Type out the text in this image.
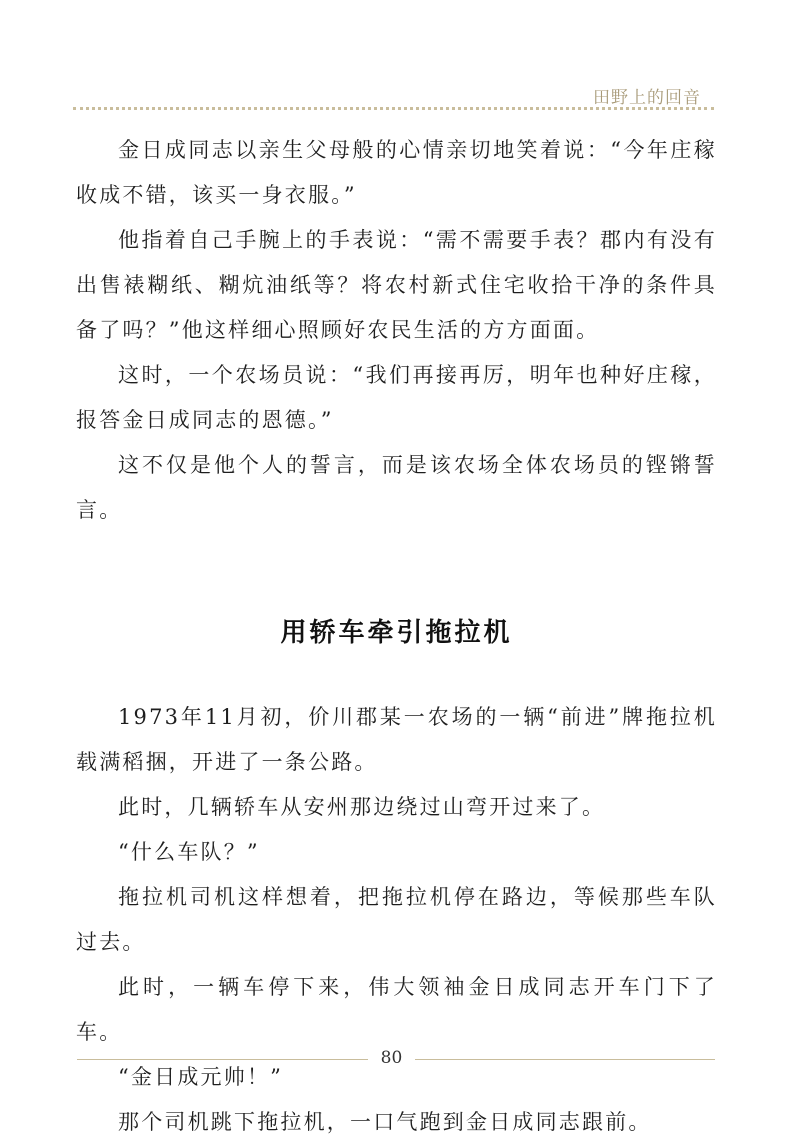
田野上的回音

金日成同志以亲生父母般的心情亲切地笑着说：“今年庄稼收成不错，该买一身衣服。”

他指着自己手腕上的手表说：“需不需要手表？郡内有没有出售裱糊纸、糊炕油纸等？将农村新式住宅收拾干净的条件具备了吗？”他这样细心照顾好农民生活的方方面面。

这时，一个农场员说：“我们再接再厉，明年也种好庄稼，报答金日成同志的恩德。”

这不仅是他个人的誓言，而是该农场全体农场员的铿锵誓言。

用轿车牵引拖拉机

1973年11月初，价川郡某一农场的一辆“前进”牌拖拉机载满稻捆，开进了一条公路。

此时，几辆轿车从安州那边绕过山弯开过来了。

“什么车队？”

拖拉机司机这样想着，把拖拉机停在路边，等候那些车队过去。

此时，一辆车停下来，伟大领袖金日成同志开车门下了车。

“金日成元帅！”

那个司机跳下拖拉机，一口气跑到金日成同志跟前。

80
